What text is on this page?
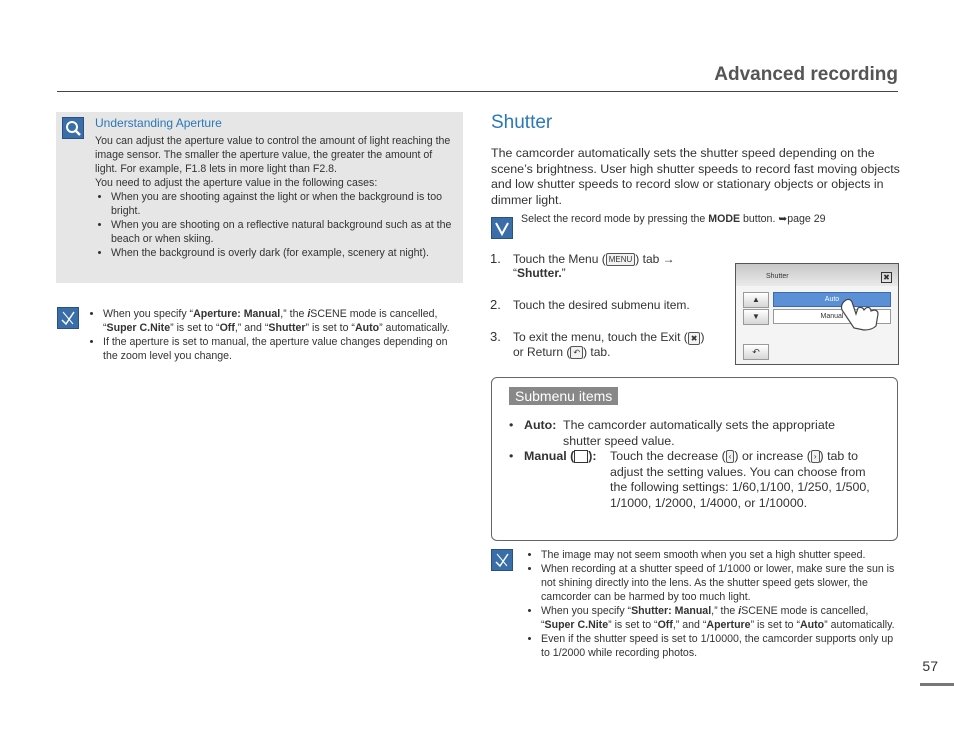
Advanced recording
Understanding Aperture
You can adjust the aperture value to control the amount of light reaching the image sensor. The smaller the aperture value, the greater the amount of light. For example, F1.8 lets in more light than F2.8.
You need to adjust the aperture value in the following cases:
• When you are shooting against the light or when the background is too bright.
• When you are shooting on a reflective natural background such as at the beach or when skiing.
• When the background is overly dark (for example, scenery at night).
• When you specify “Aperture: Manual,” the iSCENE mode is cancelled, “Super C.Nite” is set to “Off,” and “Shutter” is set to “Auto” automatically.
• If the aperture is set to manual, the aperture value changes depending on the zoom level you change.
Shutter
The camcorder automatically sets the shutter speed depending on the scene’s brightness. User high shutter speeds to record fast moving objects and low shutter speeds to record slow or stationary objects or objects in dimmer light.
Select the record mode by pressing the MODE button. ➥page 29
1. Touch the Menu ( MENU ) tab → “Shutter.”
2. Touch the desired submenu item.
3. To exit the menu, touch the Exit ( ✖ ) or Return ( ↶ ) tab.
Shutter	✖
▲
▼
Auto
Manual
↶
Submenu items
• Auto: The camcorder automatically sets the appropriate shutter speed value.
• Manual ( ): Touch the decrease ( ‹ ) or increase ( › ) tab to adjust the setting values. You can choose from the following settings: 1/60,1/100, 1/250, 1/500, 1/1000, 1/2000, 1/4000, or 1/10000.
• The image may not seem smooth when you set a high shutter speed.
• When recording at a shutter speed of 1/1000 or lower, make sure the sun is not shining directly into the lens. As the shutter speed gets slower, the camcorder can be harmed by too much light.
• When you specify “Shutter: Manual,” the iSCENE mode is cancelled, “Super C.Nite” is set to “Off,” and “Aperture” is set to “Auto” automatically.
• Even if the shutter speed is set to 1/10000, the camcorder supports only up to 1/2000 while recording photos.
57
